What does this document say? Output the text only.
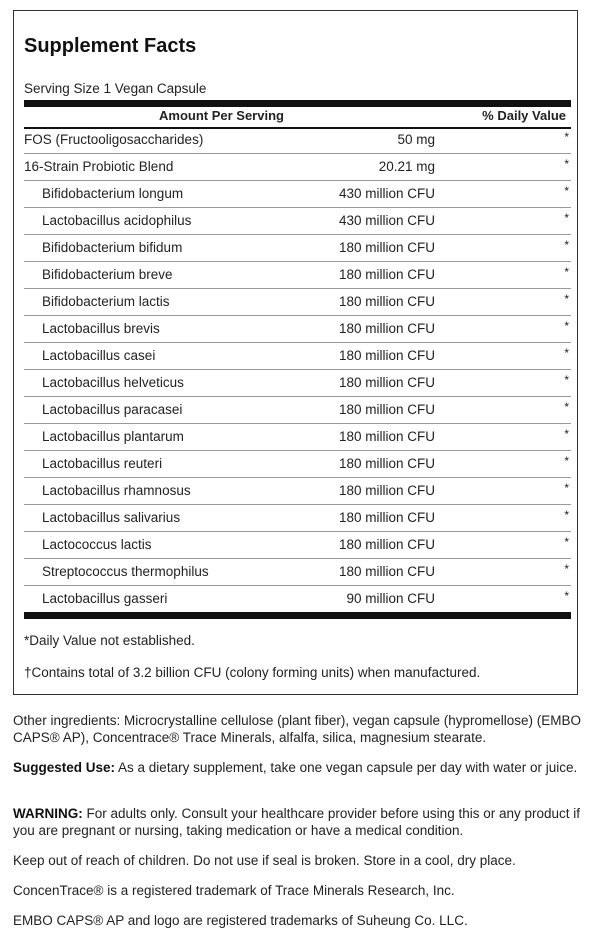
Supplement Facts
Serving Size 1 Vegan Capsule
Amount Per Serving	% Daily Value
FOS (Fructooligosaccharides)	50 mg	*
16-Strain Probiotic Blend	20.21 mg	*
Bifidobacterium longum	430 million CFU	*
Lactobacillus acidophilus	430 million CFU	*
Bifidobacterium bifidum	180 million CFU	*
Bifidobacterium breve	180 million CFU	*
Bifidobacterium lactis	180 million CFU	*
Lactobacillus brevis	180 million CFU	*
Lactobacillus casei	180 million CFU	*
Lactobacillus helveticus	180 million CFU	*
Lactobacillus paracasei	180 million CFU	*
Lactobacillus plantarum	180 million CFU	*
Lactobacillus reuteri	180 million CFU	*
Lactobacillus rhamnosus	180 million CFU	*
Lactobacillus salivarius	180 million CFU	*
Lactococcus lactis	180 million CFU	*
Streptococcus thermophilus	180 million CFU	*
Lactobacillus gasseri	90 million CFU	*
*Daily Value not established.
†Contains total of 3.2 billion CFU (colony forming units) when manufactured.
Other ingredients: Microcrystalline cellulose (plant fiber), vegan capsule (hypromellose) (EMBO CAPS® AP), Concentrace® Trace Minerals, alfalfa, silica, magnesium stearate.
Suggested Use: As a dietary supplement, take one vegan capsule per day with water or juice.
WARNING: For adults only. Consult your healthcare provider before using this or any product if you are pregnant or nursing, taking medication or have a medical condition.
Keep out of reach of children. Do not use if seal is broken. Store in a cool, dry place.
ConcenTrace® is a registered trademark of Trace Minerals Research, Inc.
EMBO CAPS® AP and logo are registered trademarks of Suheung Co. LLC.
